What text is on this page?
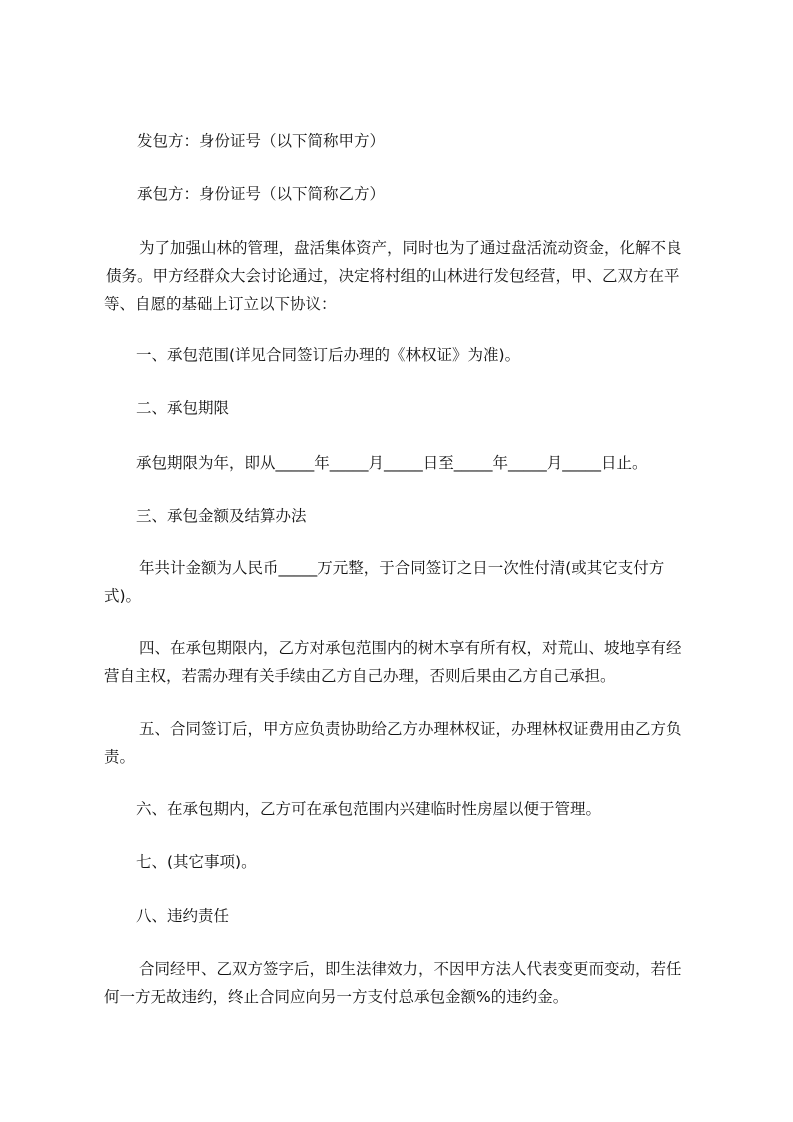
发包方：身份证号（以下简称甲方）

承包方：身份证号（以下简称乙方）

为了加强山林的管理，盘活集体资产，同时也为了通过盘活流动资金，化解不良
债务。甲方经群众大会讨论通过，决定将村组的山林进行发包经营，甲、乙双方在平
等、自愿的基础上订立以下协议：

一、承包范围(详见合同签订后办理的《林权证》为准)。

二、承包期限

承包期限为年，即从_____年_____月_____日至_____年_____月_____日止。

三、承包金额及结算办法

年共计金额为人民币_____万元整，于合同签订之日一次性付清(或其它支付方
式)。
四、在承包期限内，乙方对承包范围内的树木享有所有权，对荒山、坡地享有经
营自主权，若需办理有关手续由乙方自己办理，否则后果由乙方自己承担。
五、合同签订后，甲方应负责协助给乙方办理林权证，办理林权证费用由乙方负
责。

六、在承包期内，乙方可在承包范围内兴建临时性房屋以便于管理。

七、(其它事项)。

八、违约责任

合同经甲、乙双方签字后，即生法律效力，不因甲方法人代表变更而变动，若任
何一方无故违约，终止合同应向另一方支付总承包金额%的违约金。
